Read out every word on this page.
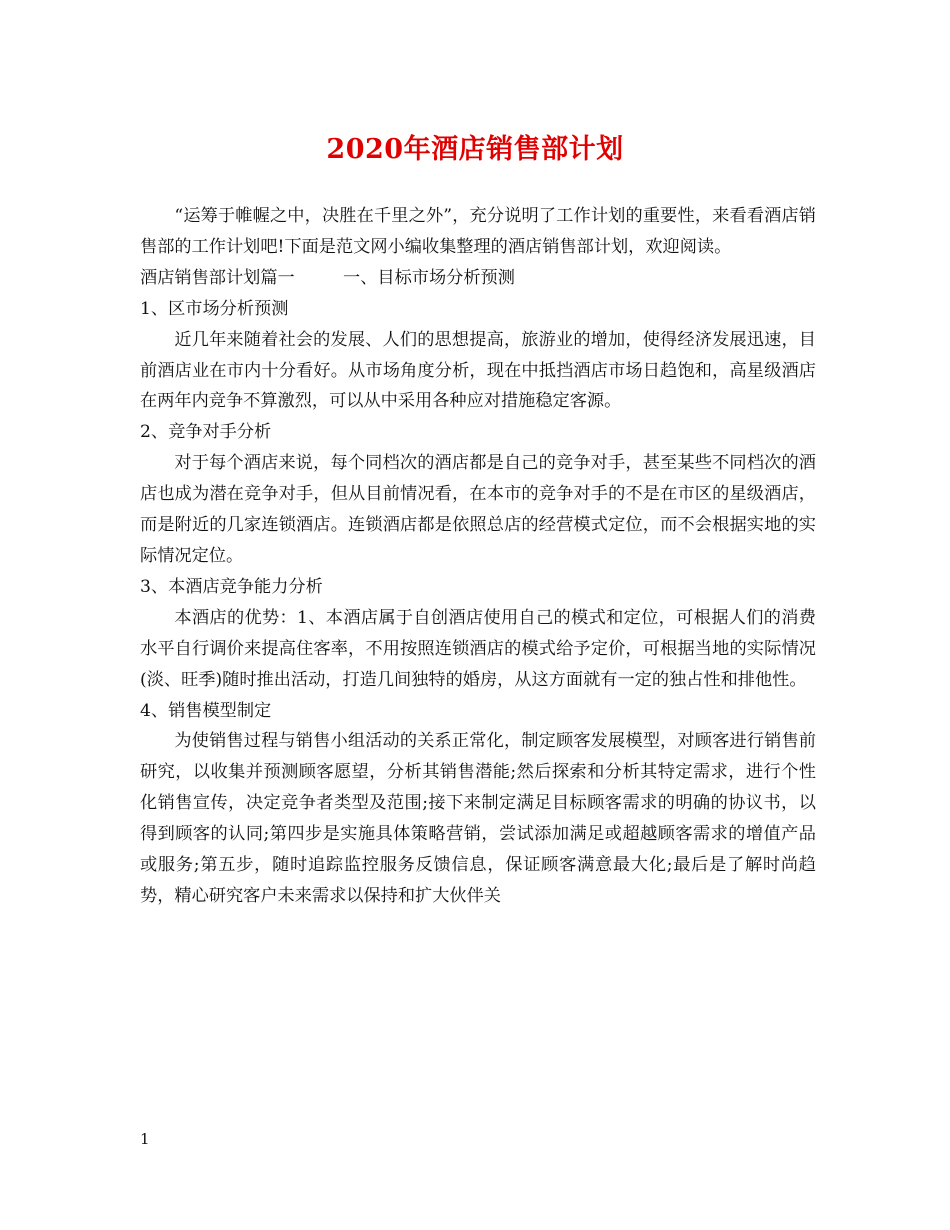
2020年酒店销售部计划

“运筹于帷幄之中，决胜在千里之外”，充分说明了工作计划的重要性，来看看酒店销售部的工作计划吧!下面是范文网小编收集整理的酒店销售部计划，欢迎阅读。

酒店销售部计划篇一	一、目标市场分析预测

1、区市场分析预测

近几年来随着社会的发展、人们的思想提高，旅游业的增加，使得经济发展迅速，目前酒店业在市内十分看好。从市场角度分析，现在中抵挡酒店市场日趋饱和，高星级酒店在两年内竞争不算激烈，可以从中采用各种应对措施稳定客源。

2、竞争对手分析

对于每个酒店来说，每个同档次的酒店都是自己的竞争对手，甚至某些不同档次的酒店也成为潜在竞争对手，但从目前情况看，在本市的竞争对手的不是在市区的星级酒店，而是附近的几家连锁酒店。连锁酒店都是依照总店的经营模式定位，而不会根据实地的实际情况定位。

3、本酒店竞争能力分析

本酒店的优势：1、本酒店属于自创酒店使用自己的模式和定位，可根据人们的消费水平自行调价来提高住客率，不用按照连锁酒店的模式给予定价，可根据当地的实际情况(淡、旺季)随时推出活动，打造几间独特的婚房，从这方面就有一定的独占性和排他性。

4、销售模型制定

为使销售过程与销售小组活动的关系正常化，制定顾客发展模型，对顾客进行销售前研究，以收集并预测顾客愿望，分析其销售潜能;然后探索和分析其特定需求，进行个性化销售宣传，决定竞争者类型及范围;接下来制定满足目标顾客需求的明确的协议书，以得到顾客的认同;第四步是实施具体策略营销，尝试添加满足或超越顾客需求的增值产品或服务;第五步，随时追踪监控服务反馈信息，保证顾客满意最大化;最后是了解时尚趋势，精心研究客户未来需求以保持和扩大伙伴关

1
